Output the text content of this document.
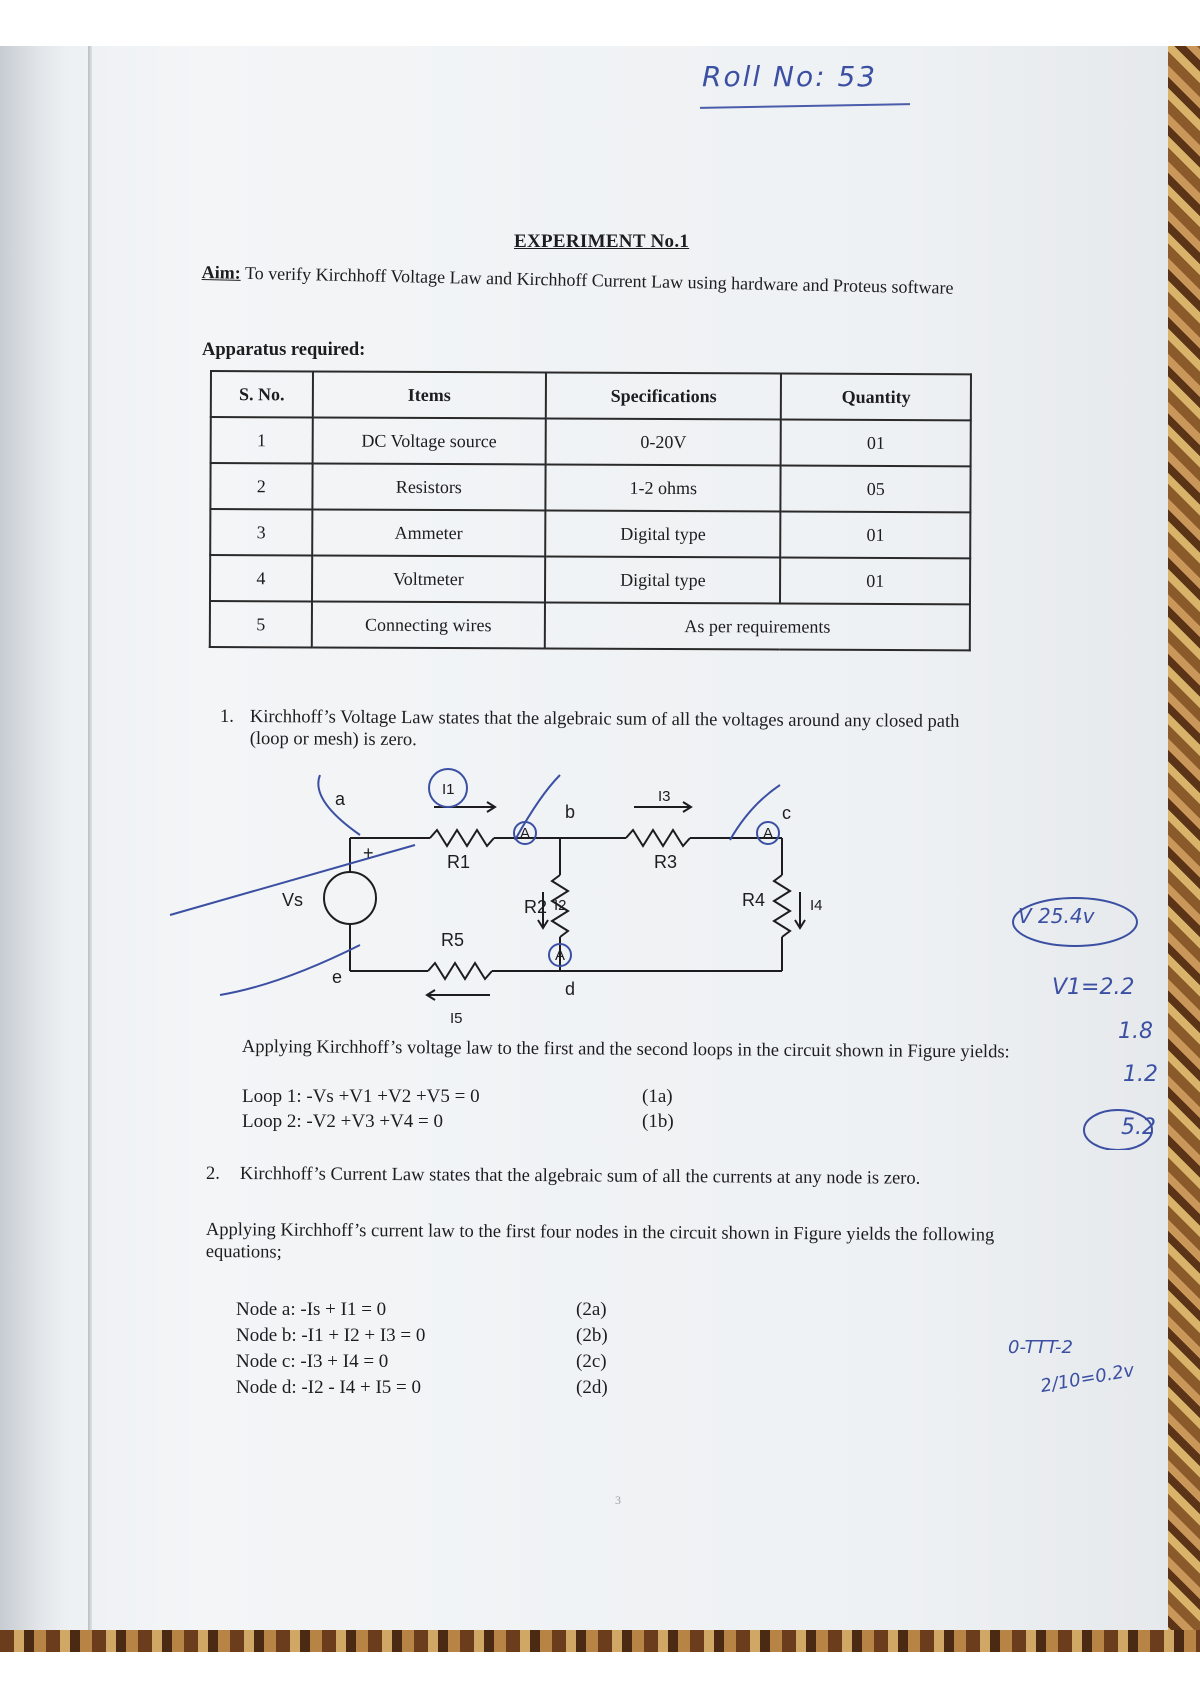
Roll No: 53
EXPERIMENT No.1
Aim: To verify Kirchhoff Voltage Law and Kirchhoff Current Law using hardware and Proteus software
Apparatus required:
S. No.	Items	Specifications	Quantity
1	DC Voltage source	0-20V	01
2	Resistors	1-2 ohms	05
3	Ammeter	Digital type	01
4	Voltmeter	Digital type	01
5	Connecting wires	As per requirements	
1. Kirchhoff’s Voltage Law states that the algebraic sum of all the voltages around any closed path (loop or mesh) is zero.
a
b	c
d
e
R1
R2
R3
R4
R5
Vs
+
I1
I2
I3
I4
I5
A
A
A
Applying Kirchhoff’s voltage law to the first and the second loops in the circuit shown in Figure yields:
Loop 1: -Vs +V1 +V2 +V5 = 0	(1a)
Loop 2: -V2 +V3 +V4 = 0	(1b)
2. Kirchhoff’s Current Law states that the algebraic sum of all the currents at any node is zero.
Applying Kirchhoff’s current law to the first four nodes in the circuit shown in Figure yields the following equations;
Node a: -Is + I1 = 0	(2a)
Node b: -I1 + I2 + I3 = 0	(2b)
Node c: -I3 + I4 = 0	(2c)
Node d: -I2 - I4 + I5 = 0	(2d)
3
V 25.4v
V1=2.2
1.8
1.2
5.2
0-TTT-2
2/10=0.2v
